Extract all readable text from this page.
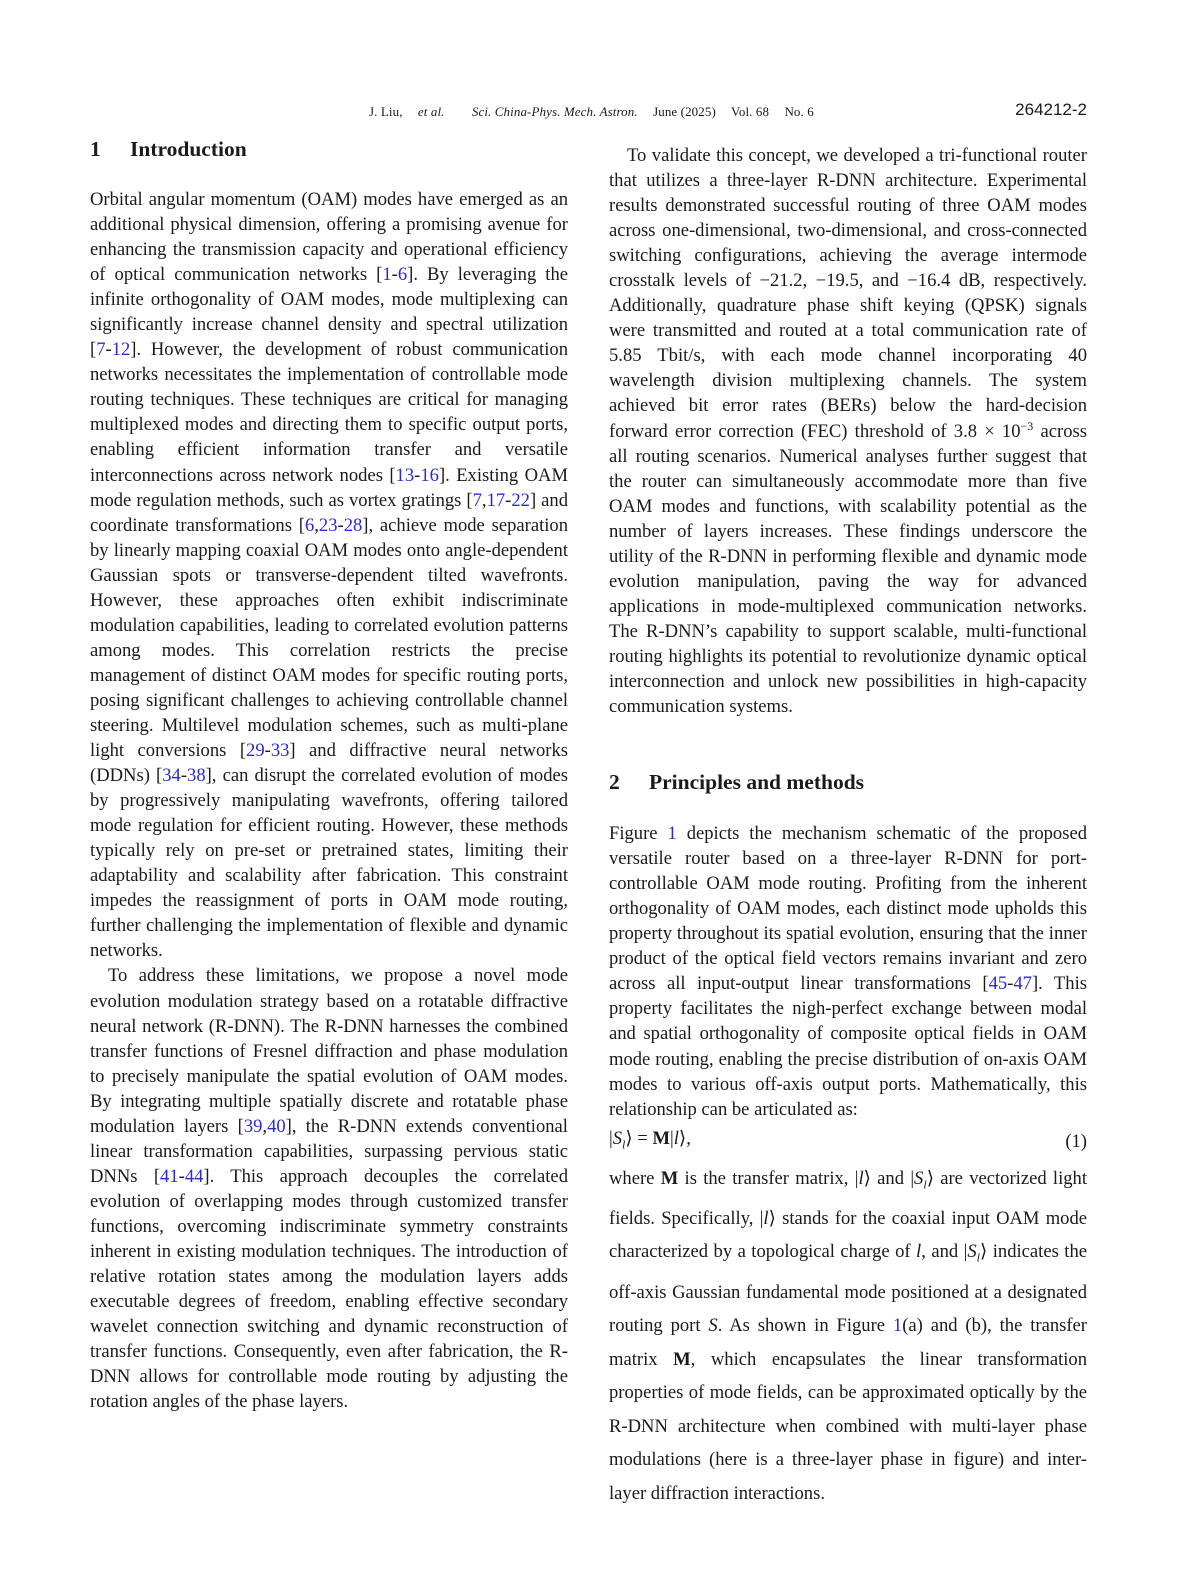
J. Liu, et al. Sci. China-Phys. Mech. Astron. June (2025) Vol. 68 No. 6	264212-2
1 Introduction

Orbital angular momentum (OAM) modes have emerged as an additional physical dimension, offering a promising avenue for enhancing the transmission capacity and operational efficiency of optical communication networks [1-6]. By leveraging the infinite orthogonality of OAM modes, mode multiplexing can significantly increase channel density and spectral utilization [7-12]. However, the development of robust communication networks necessitates the implementation of controllable mode routing techniques. These techniques are critical for managing multiplexed modes and directing them to specific output ports, enabling efficient information transfer and versatile interconnections across network nodes [13-16]. Existing OAM mode regulation methods, such as vortex gratings [7,17-22] and coordinate transformations [6,23-28], achieve mode separation by linearly mapping coaxial OAM modes onto angle-dependent Gaussian spots or transverse-dependent tilted wavefronts. However, these approaches often exhibit indiscriminate modulation capabilities, leading to correlated evolution patterns among modes. This correlation restricts the precise management of distinct OAM modes for specific routing ports, posing significant challenges to achieving controllable channel steering. Multilevel modulation schemes, such as multi-plane light conversions [29-33] and diffractive neural networks (DDNs) [34-38], can disrupt the correlated evolution of modes by progressively manipulating wavefronts, offering tailored mode regulation for efficient routing. However, these methods typically rely on pre-set or pretrained states, limiting their adaptability and scalability after fabrication. This constraint impedes the reassignment of ports in OAM mode routing, further challenging the implementation of flexible and dynamic networks.

To address these limitations, we propose a novel mode evolution modulation strategy based on a rotatable diffractive neural network (R-DNN). The R-DNN harnesses the combined transfer functions of Fresnel diffraction and phase modulation to precisely manipulate the spatial evolution of OAM modes. By integrating multiple spatially discrete and rotatable phase modulation layers [39,40], the R-DNN extends conventional linear transformation capabilities, surpassing pervious static DNNs [41-44]. This approach decouples the correlated evolution of overlapping modes through customized transfer functions, overcoming indiscriminate symmetry constraints inherent in existing modulation techniques. The introduction of relative rotation states among the modulation layers adds executable degrees of freedom, enabling effective secondary wavelet connection switching and dynamic reconstruction of transfer functions. Consequently, even after fabrication, the R-DNN allows for controllable mode routing by adjusting the rotation angles of the phase layers.

To validate this concept, we developed a tri-functional router that utilizes a three-layer R-DNN architecture. Experimental results demonstrated successful routing of three OAM modes across one-dimensional, two-dimensional, and cross-connected switching configurations, achieving the average intermode crosstalk levels of −21.2, −19.5, and −16.4 dB, respectively. Additionally, quadrature phase shift keying (QPSK) signals were transmitted and routed at a total communication rate of 5.85 Tbit/s, with each mode channel incorporating 40 wavelength division multiplexing channels. The system achieved bit error rates (BERs) below the hard-decision forward error correction (FEC) threshold of $3.8 \times 10^{-3}$ across all routing scenarios. Numerical analyses further suggest that the router can simultaneously accommodate more than five OAM modes and functions, with scalability potential as the number of layers increases. These findings underscore the utility of the R-DNN in performing flexible and dynamic mode evolution manipulation, paving the way for advanced applications in mode-multiplexed communication networks. The R-DNN’s capability to support scalable, multi-functional routing highlights its potential to revolutionize dynamic optical interconnection and unlock new possibilities in high-capacity communication systems.

2 Principles and methods

Figure 1 depicts the mechanism schematic of the proposed versatile router based on a three-layer R-DNN for port-controllable OAM mode routing. Profiting from the inherent orthogonality of OAM modes, each distinct mode upholds this property throughout its spatial evolution, ensuring that the inner product of the optical field vectors remains invariant and zero across all input-output linear transformations [45-47]. This property facilitates the nigh-perfect exchange between modal and spatial orthogonality of composite optical fields in OAM mode routing, enabling the precise distribution of on-axis OAM modes to various off-axis output ports. Mathematically, this relationship can be articulated as:

$|S_l⟩$ = M|l⟩,	(1)

where M is the transfer matrix, |l⟩ and $|S_l⟩$ are vectorized light fields. Specifically, |l⟩ stands for the coaxial input OAM mode characterized by a topological charge of l, and $|S_l⟩$ indicates the off-axis Gaussian fundamental mode positioned at a designated routing port S. As shown in Figure 1(a) and (b), the transfer matrix M, which encapsulates the linear transformation properties of mode fields, can be approximated optically by the R-DNN architecture when combined with multi-layer phase modulations (here is a three-layer phase in figure) and inter-layer diffraction interactions.
